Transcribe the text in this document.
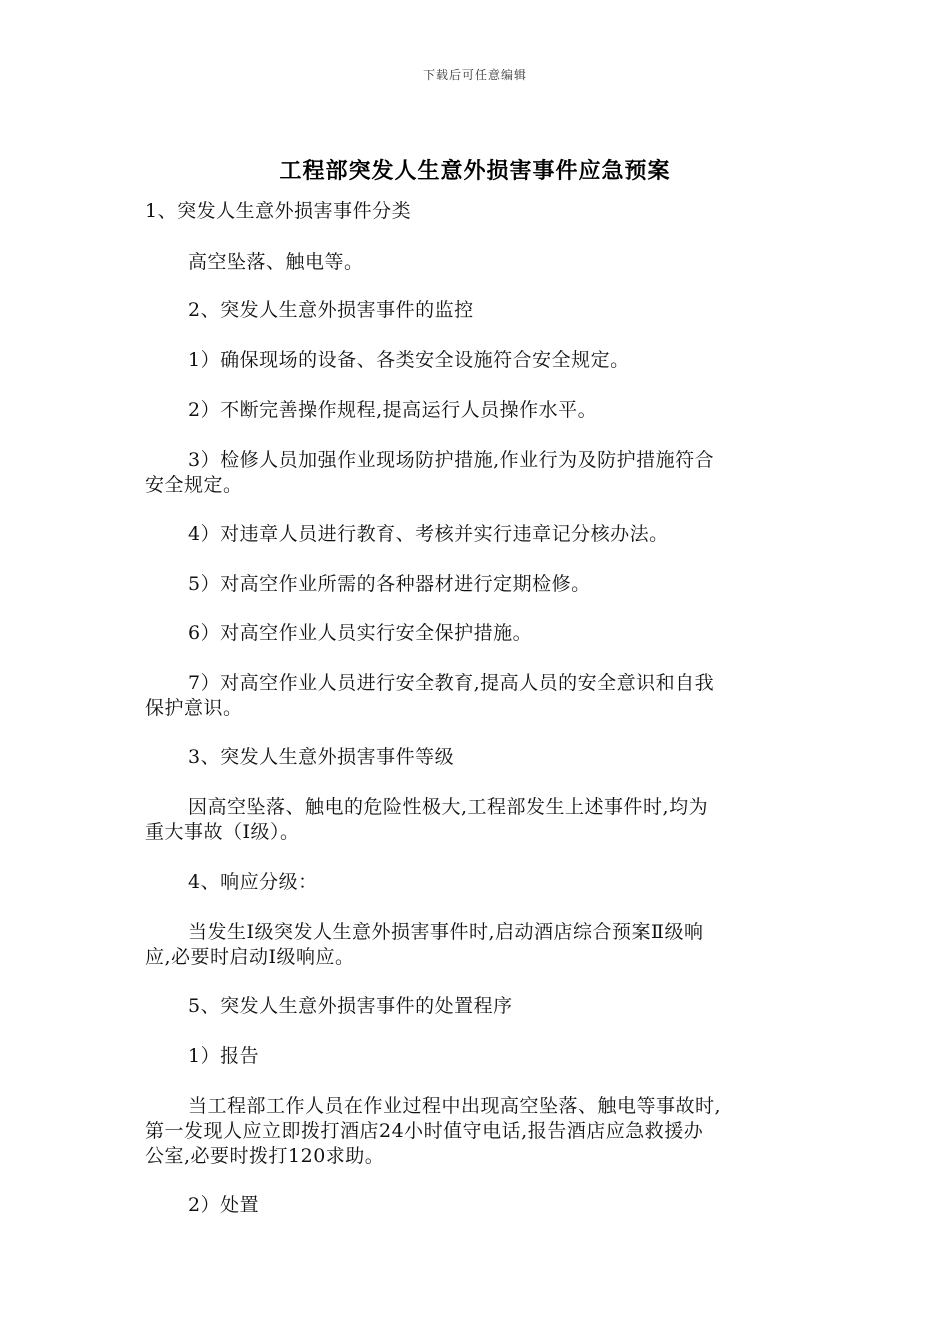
下载后可任意编辑
工程部突发人生意外损害事件应急预案
1、突发人生意外损害事件分类
高空坠落、触电等。
2、突发人生意外损害事件的监控
1）确保现场的设备、各类安全设施符合安全规定。
2）不断完善操作规程,提高运行人员操作水平。
3）检修人员加强作业现场防护措施,作业行为及防护措施符合
安全规定。
4）对违章人员进行教育、考核并实行违章记分核办法。
5）对高空作业所需的各种器材进行定期检修。
6）对高空作业人员实行安全保护措施。
7）对高空作业人员进行安全教育,提高人员的安全意识和自我
保护意识。
3、突发人生意外损害事件等级
因高空坠落、触电的危险性极大,工程部发生上述事件时,均为
重大事故（Ⅰ级）。
4、响应分级：
当发生Ⅰ级突发人生意外损害事件时,启动酒店综合预案Ⅱ级响
应,必要时启动Ⅰ级响应。
5、突发人生意外损害事件的处置程序
1）报告
当工程部工作人员在作业过程中出现高空坠落、触电等事故时,
第一发现人应立即拨打酒店24小时值守电话,报告酒店应急救援办
公室,必要时拨打120求助。
2）处置
